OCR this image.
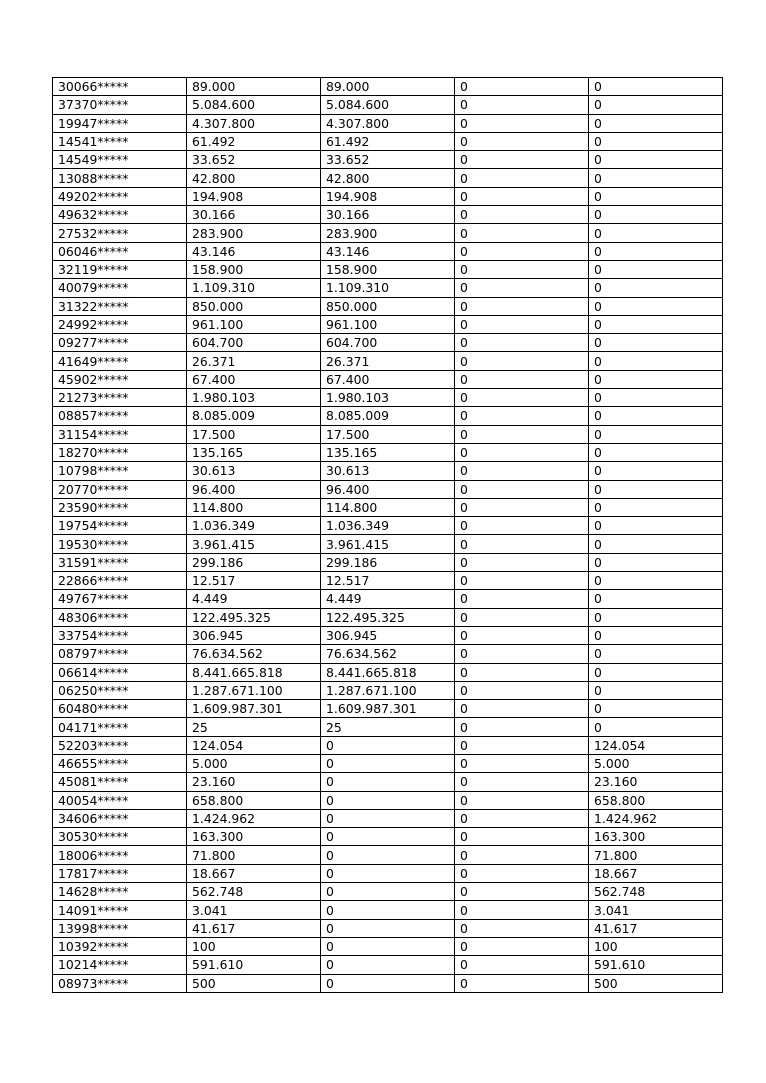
30066*****	89.000	89.000	0	0
37370*****	5.084.600	5.084.600	0	0
19947*****	4.307.800	4.307.800	0	0
14541*****	61.492	61.492	0	0
14549*****	33.652	33.652	0	0
13088*****	42.800	42.800	0	0
49202*****	194.908	194.908	0	0
49632*****	30.166	30.166	0	0
27532*****	283.900	283.900	0	0
06046*****	43.146	43.146	0	0
32119*****	158.900	158.900	0	0
40079*****	1.109.310	1.109.310	0	0
31322*****	850.000	850.000	0	0
24992*****	961.100	961.100	0	0
09277*****	604.700	604.700	0	0
41649*****	26.371	26.371	0	0
45902*****	67.400	67.400	0	0
21273*****	1.980.103	1.980.103	0	0
08857*****	8.085.009	8.085.009	0	0
31154*****	17.500	17.500	0	0
18270*****	135.165	135.165	0	0
10798*****	30.613	30.613	0	0
20770*****	96.400	96.400	0	0
23590*****	114.800	114.800	0	0
19754*****	1.036.349	1.036.349	0	0
19530*****	3.961.415	3.961.415	0	0
31591*****	299.186	299.186	0	0
22866*****	12.517	12.517	0	0
49767*****	4.449	4.449	0	0
48306*****	122.495.325	122.495.325	0	0
33754*****	306.945	306.945	0	0
08797*****	76.634.562	76.634.562	0	0
06614*****	8.441.665.818	8.441.665.818	0	0
06250*****	1.287.671.100	1.287.671.100	0	0
60480*****	1.609.987.301	1.609.987.301	0	0
04171*****	25	25	0	0
52203*****	124.054	0	0	124.054
46655*****	5.000	0	0	5.000
45081*****	23.160	0	0	23.160
40054*****	658.800	0	0	658.800
34606*****	1.424.962	0	0	1.424.962
30530*****	163.300	0	0	163.300
18006*****	71.800	0	0	71.800
17817*****	18.667	0	0	18.667
14628*****	562.748	0	0	562.748
14091*****	3.041	0	0	3.041
13998*****	41.617	0	0	41.617
10392*****	100	0	0	100
10214*****	591.610	0	0	591.610
08973*****	500	0	0	500
